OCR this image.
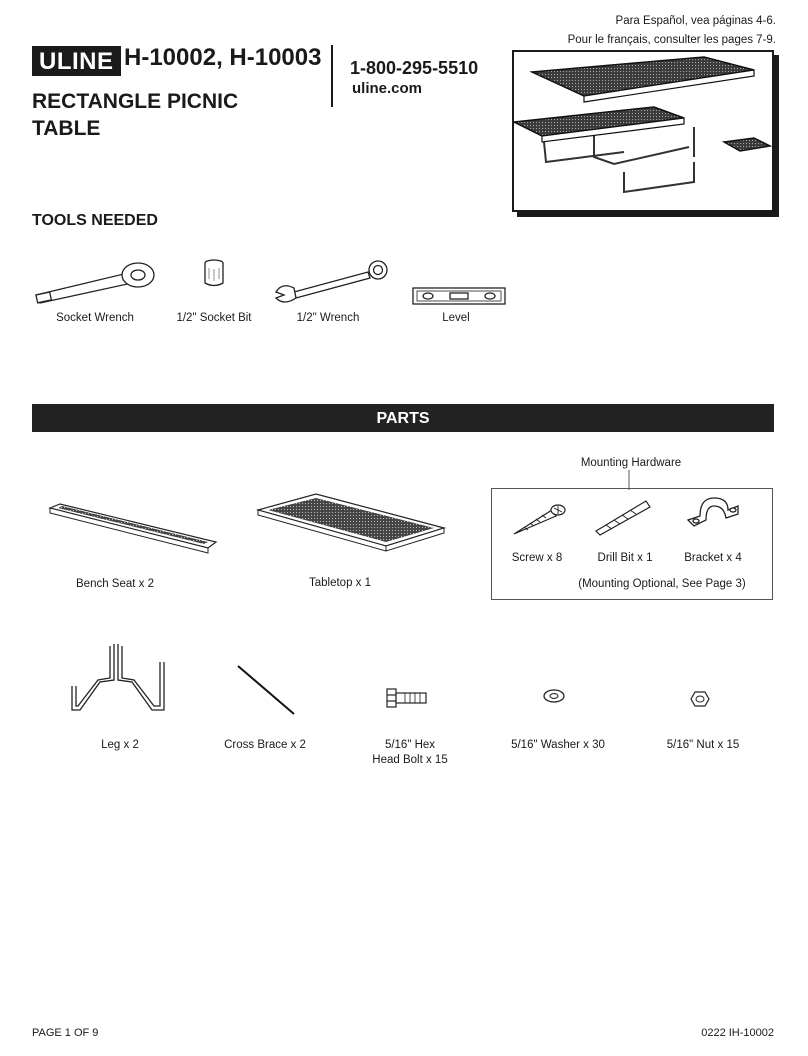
Para Español, vea páginas 4-6.
Pour le français, consulter les pages 7-9.
ULINE H-10002, H-10003
RECTANGLE PICNIC
TABLE
1-800-295-5510
uline.com
TOOLS NEEDED
Socket Wrench	1/2" Socket Bit	1/2" Wrench	Level
PARTS
Bench Seat x 2	Tabletop x 1
Mounting Hardware
Screw x 8	Drill Bit x 1	Bracket x 4
(Mounting Optional, See Page 3)
Leg x 2	Cross Brace x 2	5/16" Hex
Head Bolt x 15
5/16" Washer x 30	5/16" Nut x 15
PAGE 1 OF 9	0222 IH-10002
